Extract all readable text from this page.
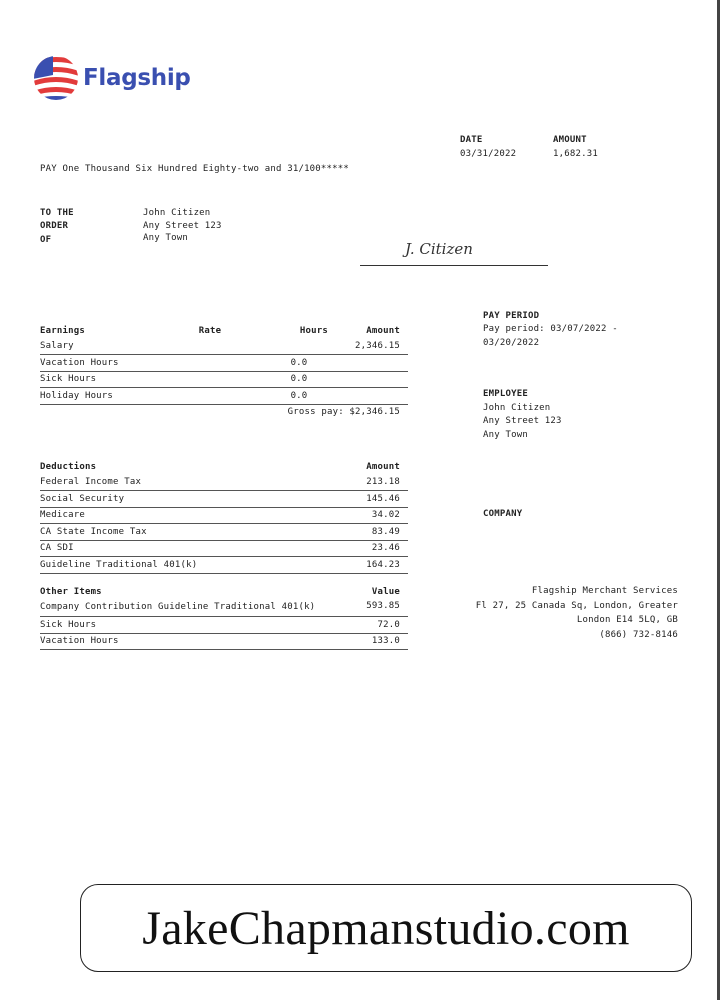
Flagship
DATE	AMOUNT
03/31/2022	1,682.31
PAY One Thousand Six Hundred Eighty-two and 31/100*****
TO THE
ORDER
OF
John Citizen
Any Street 123
Any Town
J. Citizen
Earnings	Rate	Hours	Amount
Salary			2,346.15
Vacation Hours		0.0	
Sick Hours		0.0	
Holiday Hours		0.0	
Gross pay: $2,346.15			
Deductions	Amount
Federal Income Tax	213.18
Social Security	145.46
Medicare	34.02
CA State Income Tax	83.49
CA SDI	23.46
Guideline Traditional 401(k)	164.23
Other Items	Value
Company Contribution Guideline Traditional 401(k)	593.85
Sick Hours	72.0
Vacation Hours	133.0
PAY PERIOD
Pay period: 03/07/2022 -
03/20/2022
EMPLOYEE
John Citizen
Any Street 123
Any Town
COMPANY
Flagship Merchant Services
Fl 27, 25 Canada Sq, London, Greater
London E14 5LQ, GB
(866) 732-8146
JakeChapmanstudio.com
